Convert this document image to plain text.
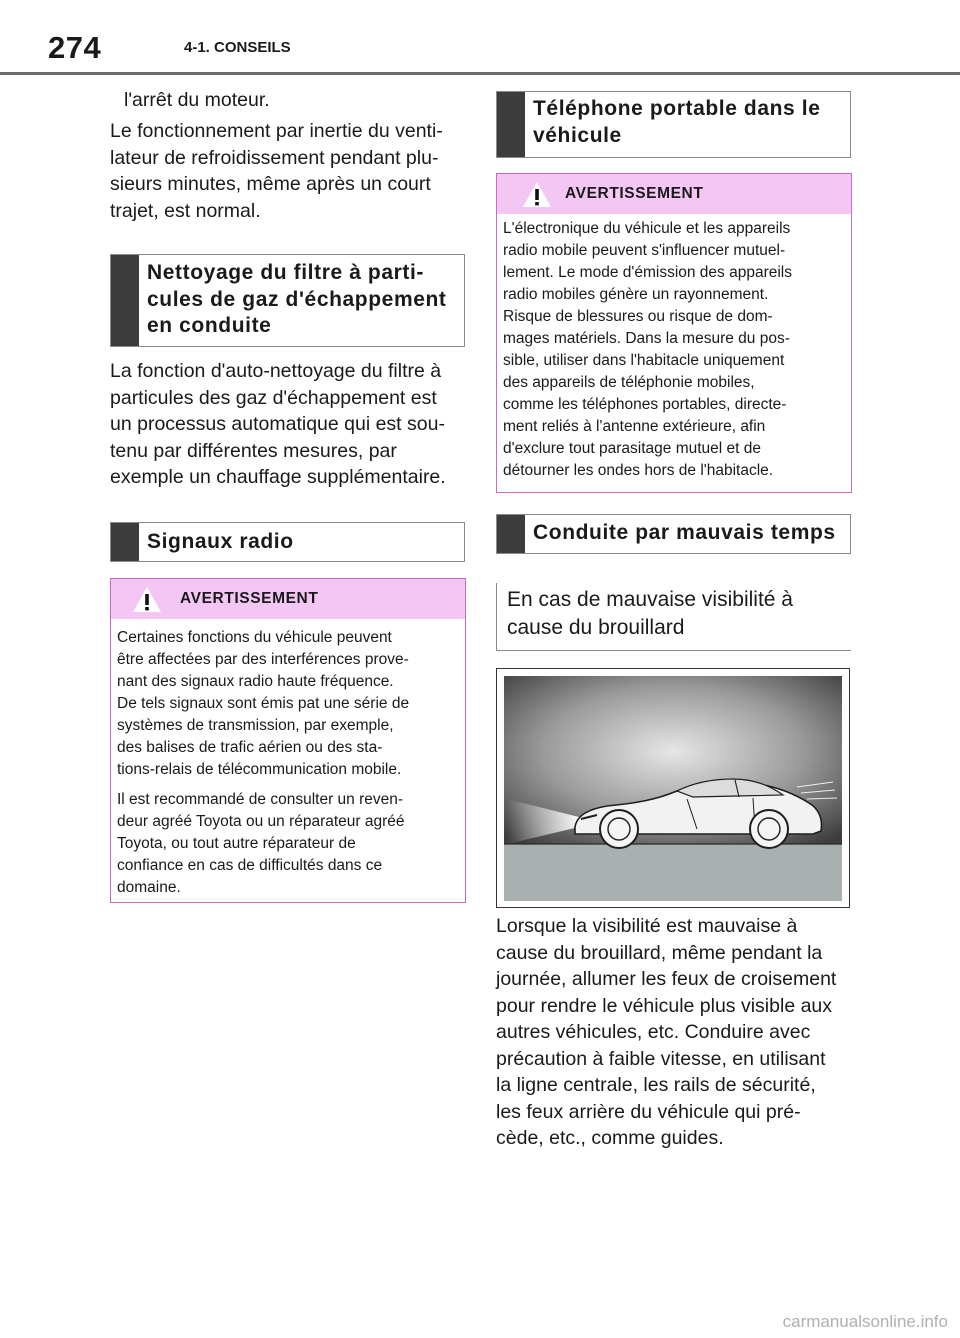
274	4-1. CONSEILS
l'arrêt du moteur.
Le fonctionnement par inertie du venti-
lateur de refroidissement pendant plu-
sieurs minutes, même après un court
trajet, est normal.
Nettoyage du filtre à parti-
cules de gaz d'échappement
en conduite
La fonction d'auto-nettoyage du filtre à
particules des gaz d'échappement est
un processus automatique qui est sou-
tenu par différentes mesures, par
exemple un chauffage supplémentaire.
Signaux radio
AVERTISSEMENT

Certaines fonctions du véhicule peuvent
être affectées par des interférences prove-
nant des signaux radio haute fréquence.
De tels signaux sont émis pat une série de
systèmes de transmission, par exemple,
des balises de trafic aérien ou des sta-
tions-relais de télécommunication mobile.

Il est recommandé de consulter un reven-
deur agréé Toyota ou un réparateur agréé
Toyota, ou tout autre réparateur de
confiance en cas de difficultés dans ce
domaine.

Téléphone portable dans le
véhicule
AVERTISSEMENT

L'électronique du véhicule et les appareils
radio mobile peuvent s'influencer mutuel-
lement. Le mode d'émission des appareils
radio mobiles génère un rayonnement.
Risque de blessures ou risque de dom-
mages matériels. Dans la mesure du pos-
sible, utiliser dans l'habitacle uniquement
des appareils de téléphonie mobiles,
comme les téléphones portables, directe-
ment reliés à l'antenne extérieure, afin
d'exclure tout parasitage mutuel et de
détourner les ondes hors de l'habitacle.

Conduite par mauvais temps
En cas de mauvaise visibilité à
cause du brouillard
Lorsque la visibilité est mauvaise à
cause du brouillard, même pendant la
journée, allumer les feux de croisement
pour rendre le véhicule plus visible aux
autres véhicules, etc. Conduire avec
précaution à faible vitesse, en utilisant
la ligne centrale, les rails de sécurité,
les feux arrière du véhicule qui pré-
cède, etc., comme guides.
carmanualsonline.info
